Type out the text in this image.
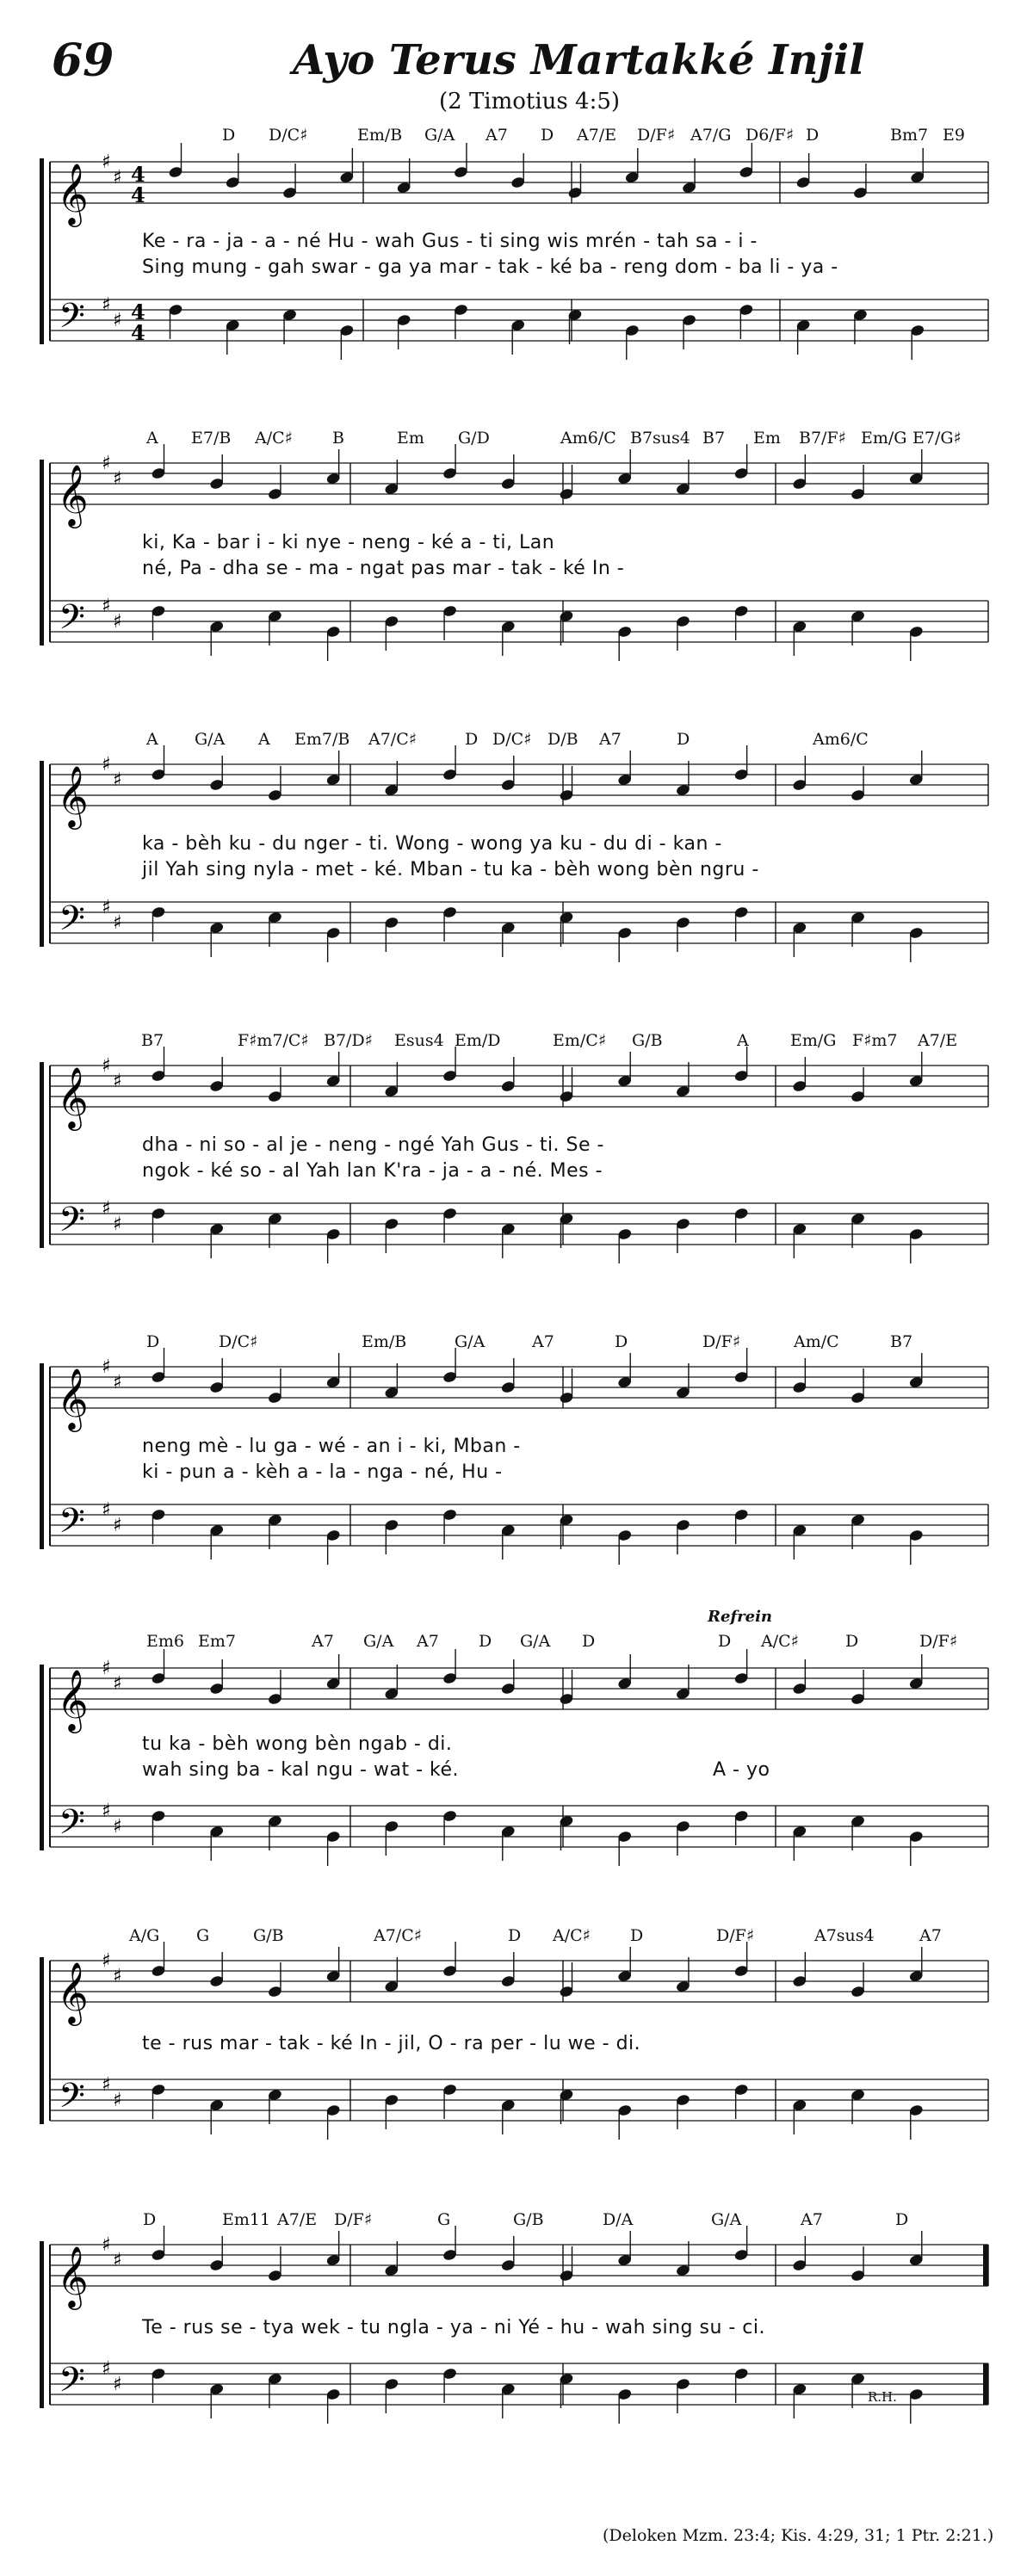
69	Ayo Terus Martakké Injil
(2 Timotius 4:5)
𝄞
𝄢
♯
♯
♯
♯
4
4
4
4
D D/C♯	Em/B G/A A7 D A7/E D/F♯ A7/G D6/F♯ D	Bm7 E9
Ke - ra - ja - a - né Hu - wah Gus - ti sing wis mrén - tah sa - i -
Sing mung - gah swar - ga ya mar - tak - ké ba - reng dom - ba li - ya -
𝄞
𝄢
♯
♯
♯
♯
A E7/B A/C♯ B	Em G/D	Am6/C B7sus4 B7 Em B7/F♯ Em/G E7/G♯
ki, Ka - bar i - ki nye - neng - ké a - ti, Lan
né, Pa - dha se - ma - ngat pas mar - tak - ké In -
𝄞
𝄢
♯
♯
♯
♯
A G/A A Em7/B A7/C♯	D D/C♯ D/B A7	D	Am6/C
ka - bèh ku - du nger - ti. Wong - wong ya ku - du di - kan -
jil Yah sing nyla - met - ké. Mban - tu ka - bèh wong bèn ngru -
𝄞
𝄢
♯
♯
♯
♯
B7	F♯m7/C♯ B7/D♯ Esus4 Em/D	Em/C♯ G/B	A	Em/G F♯m7 A7/E
dha - ni so - al je - neng - ngé Yah Gus - ti. Se -
ngok - ké so - al Yah lan K'ra - ja - a - né. Mes -
𝄞
𝄢
♯
♯
♯
♯
D	D/C♯	Em/B	G/A	A7	D	D/F♯	Am/C	B7
neng mè - lu ga - wé - an i - ki, Mban -
ki - pun a - kèh a - la - nga - né, Hu -
𝄞
𝄢
♯
♯
♯
♯
Em6 Em7	A7 G/A A7 D G/A D	D A/C♯	D	D/F♯
Refrein
tu ka - bèh wong bèn ngab - di.
wah sing ba - kal ngu - wat - ké.	A - yo
𝄞
𝄢
♯
♯
♯
♯
A/G G	G/B	A7/C♯	D A/C♯ D	D/F♯	A7sus4	A7
te - rus mar - tak - ké In - jil, O - ra per - lu we - di.
𝄞
𝄢
♯
♯
♯
♯
D	Em11 A7/E D/F♯	G	G/B	D/A	G/A	A7	D
Te - rus se - tya wek - tu ngla - ya - ni Yé - hu - wah sing su - ci.
R.H.
(Deloken Mzm. 23:4; Kis. 4:29, 31; 1 Ptr. 2:21.)
